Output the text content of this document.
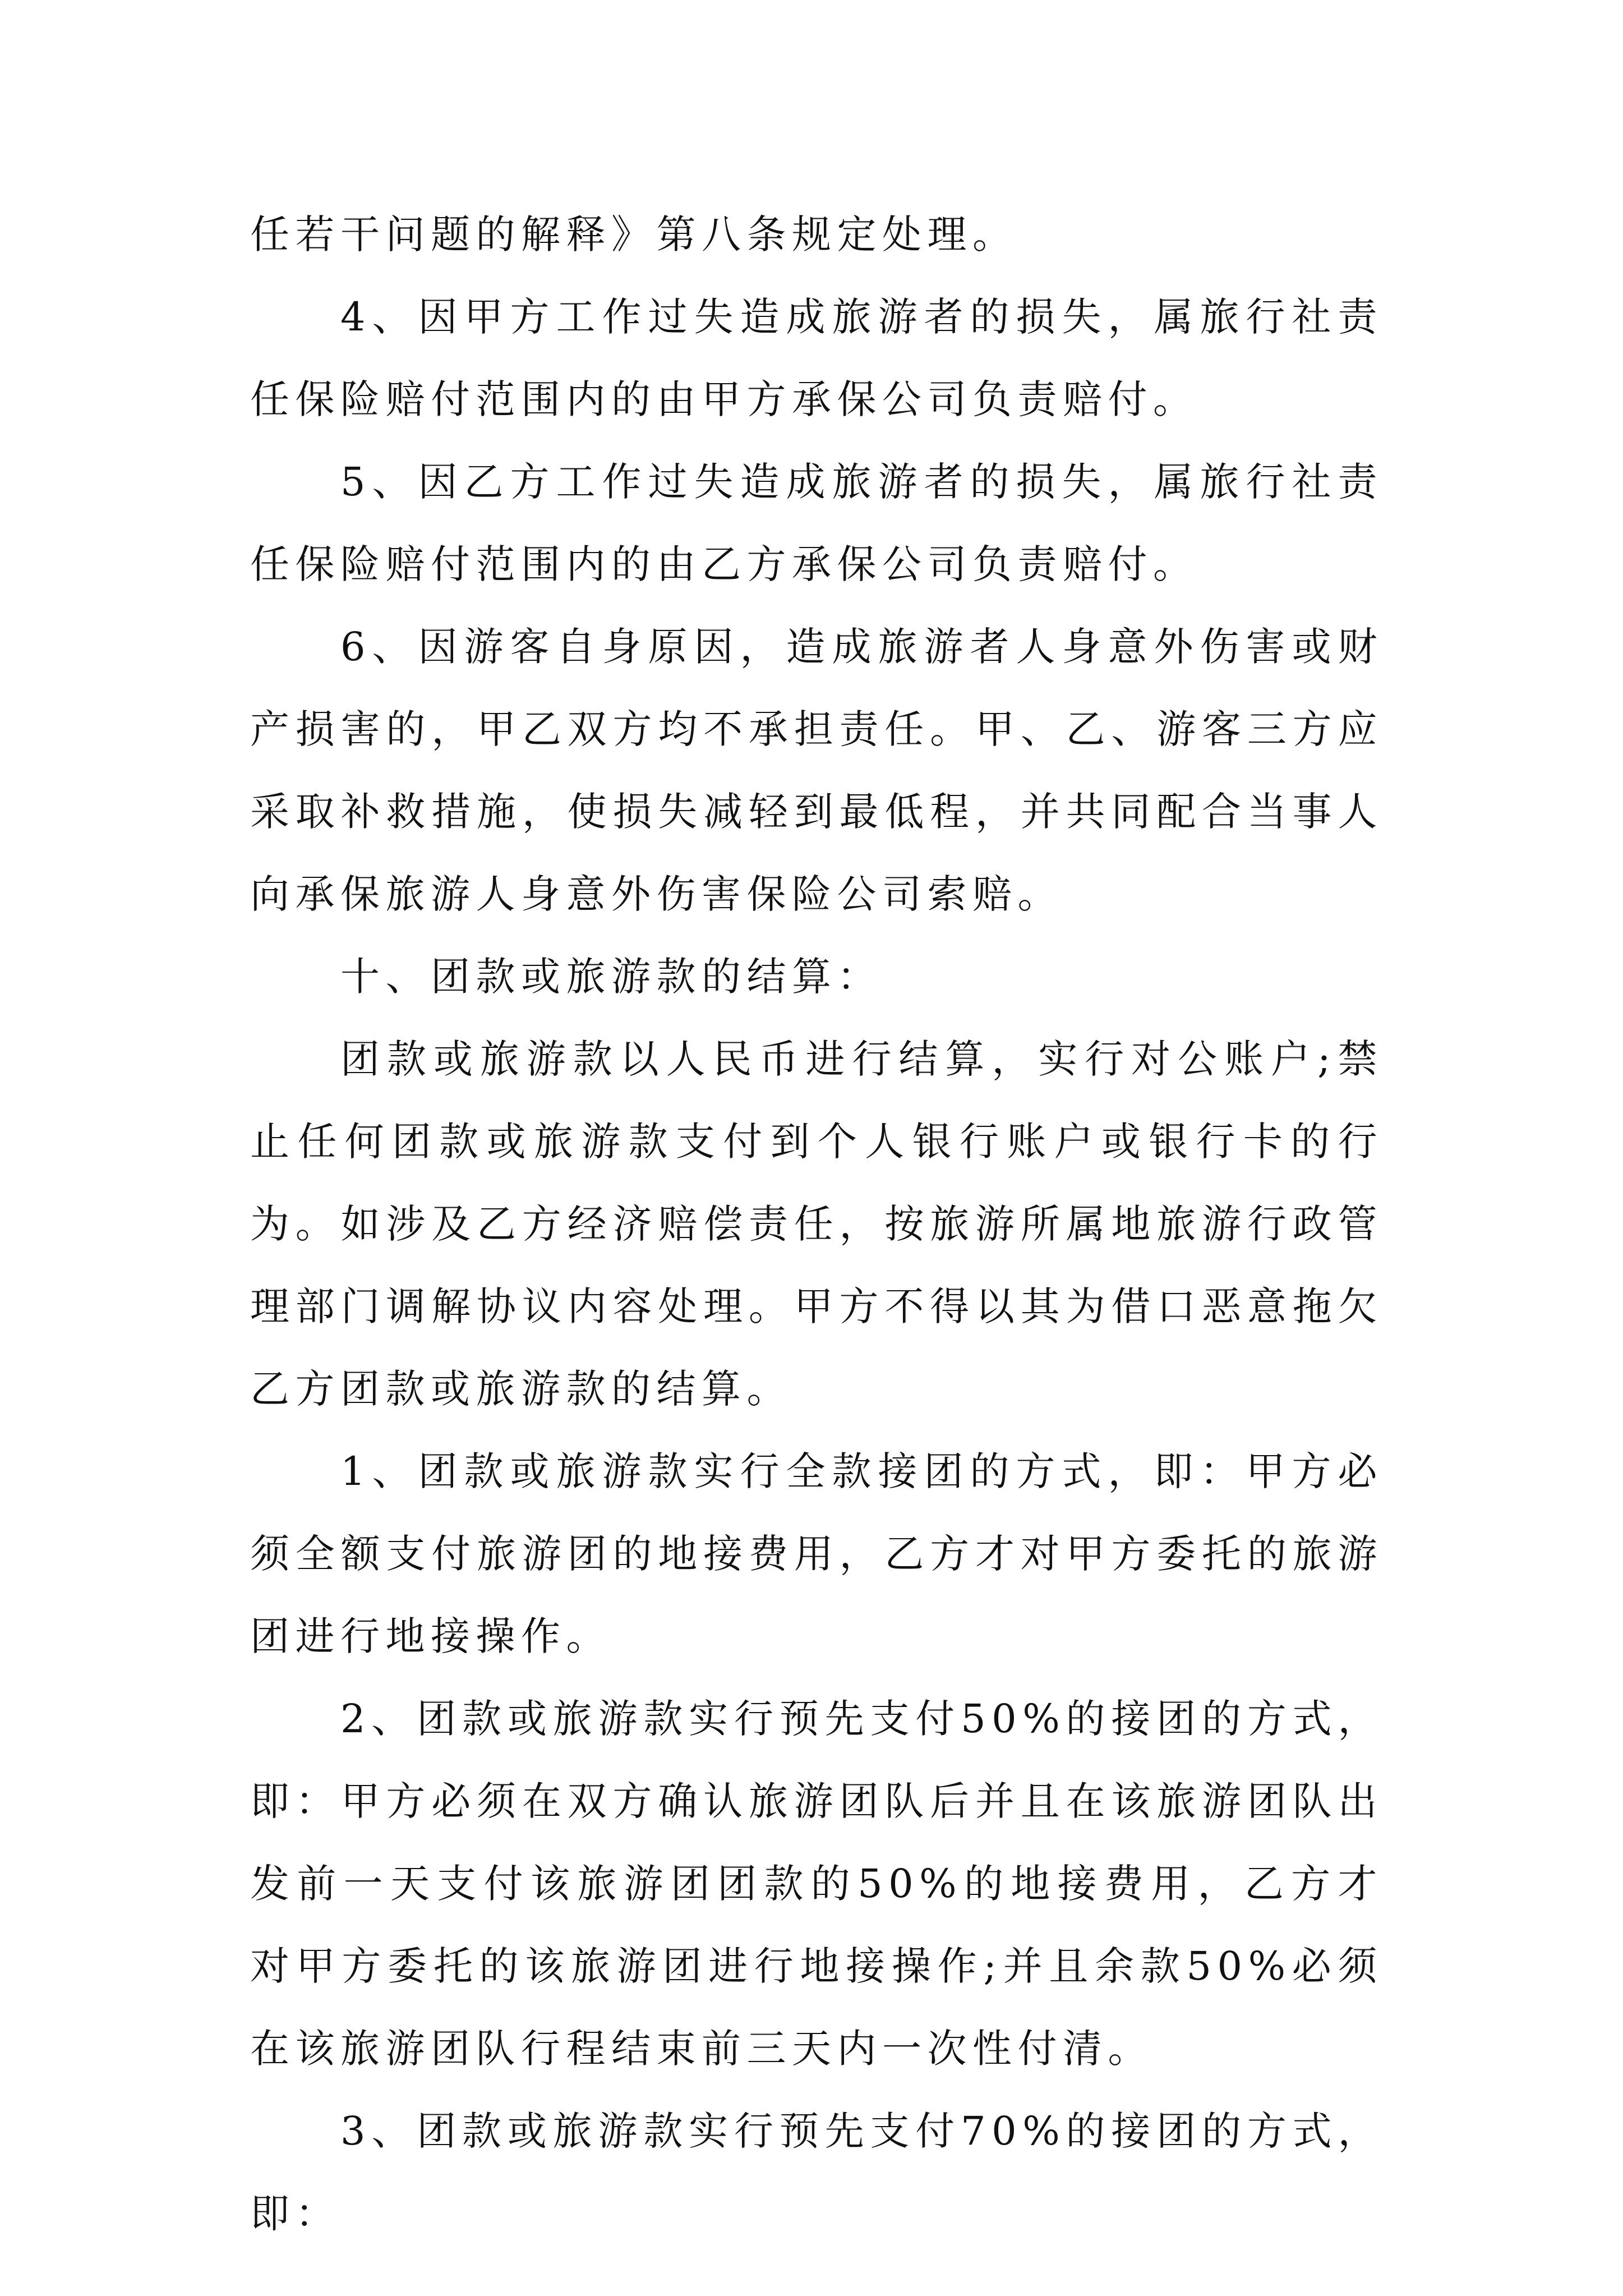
任若干问题的解释》第八条规定处理。

4、因甲方工作过失造成旅游者的损失，属旅行社责任保险赔付范围内的由甲方承保公司负责赔付。

5、因乙方工作过失造成旅游者的损失，属旅行社责任保险赔付范围内的由乙方承保公司负责赔付。

6、因游客自身原因，造成旅游者人身意外伤害或财产损害的，甲乙双方均不承担责任。甲、乙、游客三方应采取补救措施，使损失减轻到最低程，并共同配合当事人向承保旅游人身意外伤害保险公司索赔。

十、团款或旅游款的结算：

团款或旅游款以人民币进行结算，实行对公账户;禁止任何团款或旅游款支付到个人银行账户或银行卡的行为。如涉及乙方经济赔偿责任，按旅游所属地旅游行政管理部门调解协议内容处理。甲方不得以其为借口恶意拖欠乙方团款或旅游款的结算。

1、团款或旅游款实行全款接团的方式，即：甲方必须全额支付旅游团的地接费用，乙方才对甲方委托的旅游团进行地接操作。

2、团款或旅游款实行预先支付50%的接团的方式，即：甲方必须在双方确认旅游团队后并且在该旅游团队出发前一天支付该旅游团团款的50%的地接费用，乙方才对甲方委托的该旅游团进行地接操作;并且余款50%必须在该旅游团队行程结束前三天内一次性付清。

3、团款或旅游款实行预先支付70%的接团的方式，即：
